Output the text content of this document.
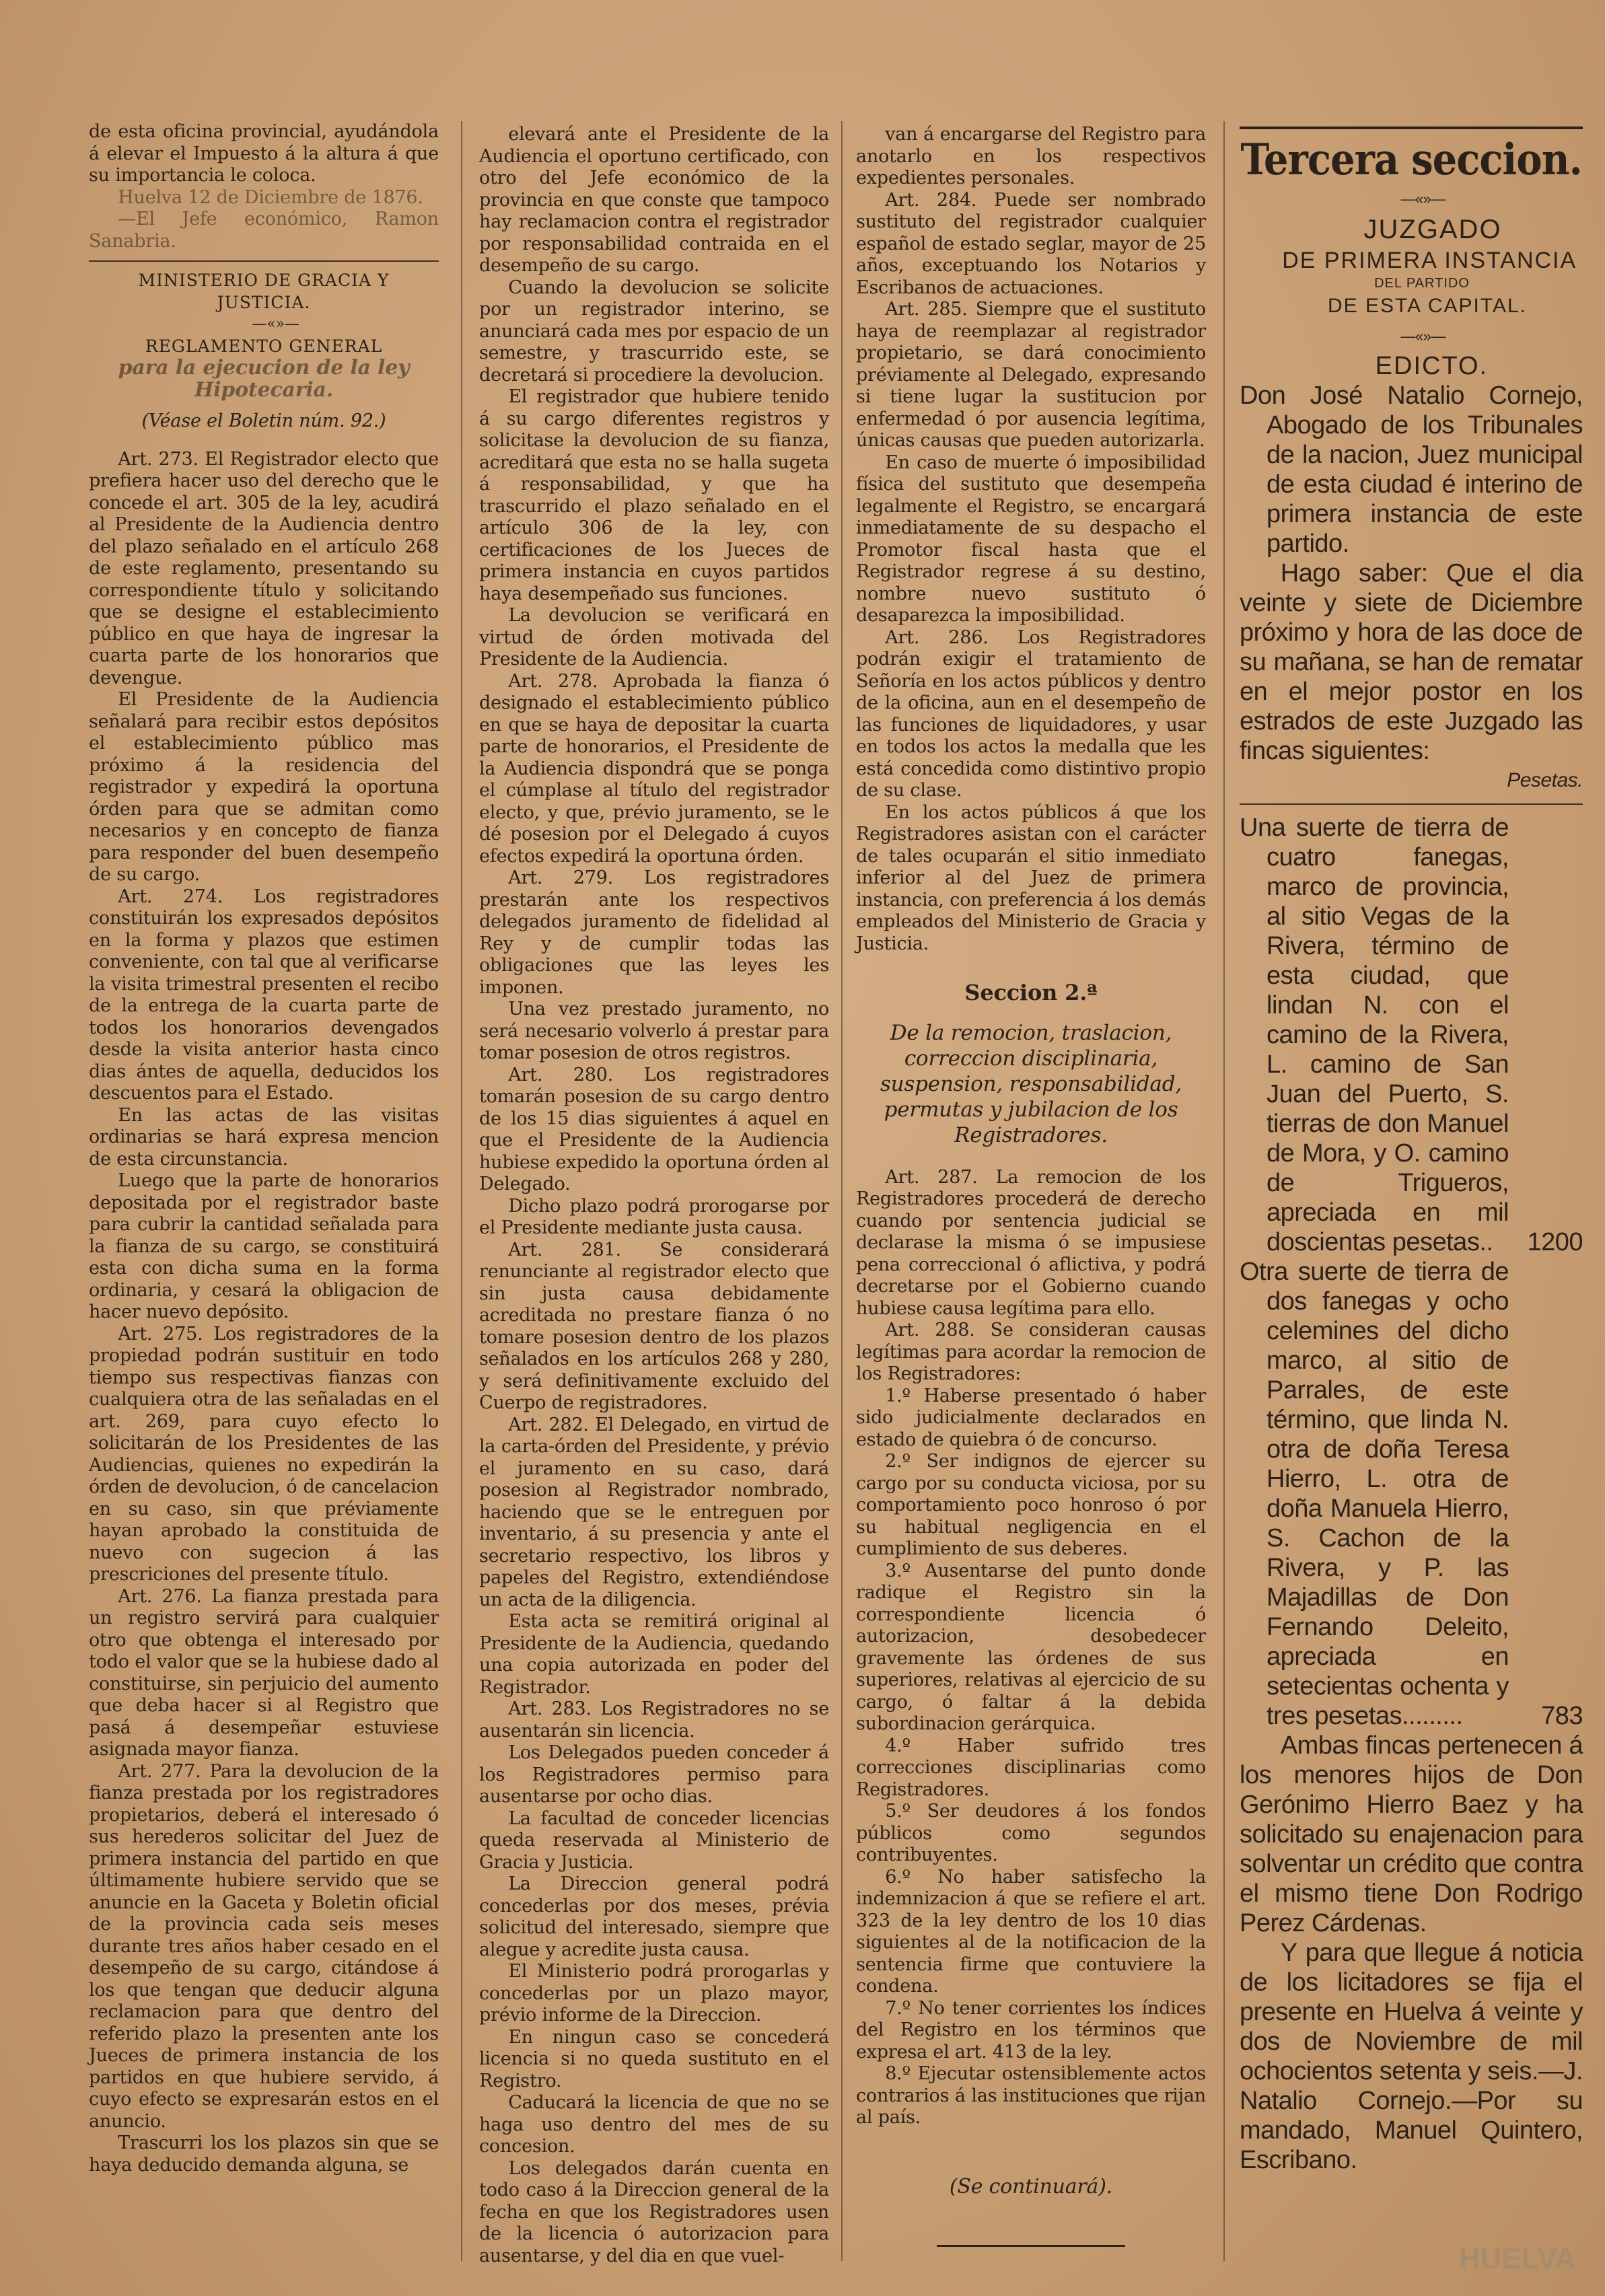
de esta oficina provincial, ayudándola á elevar el Impuesto á la altura á que su importancia le coloca.

Huelva 12 de Diciembre de 1876.

—El Jefe económico, Ramon Sanabria.

MINISTERIO DE GRACIA Y JUSTICIA.

—«»—

REGLAMENTO GENERAL

para la ejecucion de la ley Hipotecaria.

(Véase el Boletin núm. 92.)

Art. 273. El Registrador electo que prefiera hacer uso del derecho que le concede el art. 305 de la ley, acudirá al Presidente de la Audiencia dentro del plazo señalado en el artículo 268 de este reglamento, presentando su correspondiente título y solicitando que se designe el establecimiento público en que haya de ingresar la cuarta parte de los honorarios que devengue.

El Presidente de la Audiencia señalará para recibir estos depósitos el establecimiento público mas próximo á la residencia del registrador y expedirá la oportuna órden para que se admitan como necesarios y en concepto de fianza para responder del buen desempeño de su cargo.

Art. 274. Los registradores constituirán los expresados depósitos en la forma y plazos que estimen conveniente, con tal que al verificarse la visita trimestral presenten el recibo de la entrega de la cuarta parte de todos los honorarios devengados desde la visita anterior hasta cinco dias ántes de aquella, deducidos los descuentos para el Estado.

En las actas de las visitas ordinarias se hará expresa mencion de esta circunstancia.

Luego que la parte de honorarios depositada por el registrador baste para cubrir la cantidad señalada para la fianza de su cargo, se constituirá esta con dicha suma en la forma ordinaria, y cesará la obligacion de hacer nuevo depósito.

Art. 275. Los registradores de la propiedad podrán sustituir en todo tiempo sus respectivas fianzas con cualquiera otra de las señaladas en el art. 269, para cuyo efecto lo solicitarán de los Presidentes de las Audiencias, quienes no expedirán la órden de devolucion, ó de cancelacion en su caso, sin que préviamente hayan aprobado la constituida de nuevo con sugecion á las prescriciones del presente título.

Art. 276. La fianza prestada para un registro servirá para cualquier otro que obtenga el interesado por todo el valor que se la hubiese dado al constituirse, sin perjuicio del aumento que deba hacer si al Registro que pasá á desempeñar estuviese asignada mayor fianza.

Art. 277. Para la devolucion de la fianza prestada por los registradores propietarios, deberá el interesado ó sus herederos solicitar del Juez de primera instancia del partido en que últimamente hubiere servido que se anuncie en la Gaceta y Boletin oficial de la provincia cada seis meses durante tres años haber cesado en el desempeño de su cargo, citándose á los que tengan que deducir alguna reclamacion para que dentro del referido plazo la presenten ante los Jueces de primera instancia de los partidos en que hubiere servido, á cuyo efecto se expresarán estos en el anuncio.

Trascurri los los plazos sin que se haya deducido demanda alguna, se

elevará ante el Presidente de la Audiencia el oportuno certificado, con otro del Jefe económico de la provincia en que conste que tampoco hay reclamacion contra el registrador por responsabilidad contraida en el desempeño de su cargo.

Cuando la devolucion se solicite por un registrador interino, se anunciará cada mes por espacio de un semestre, y trascurrido este, se decretará si procediere la devolucion.

El registrador que hubiere tenido á su cargo diferentes registros y solicitase la devolucion de su fianza, acreditará que esta no se halla sugeta á responsabilidad, y que ha trascurrido el plazo señalado en el artículo 306 de la ley, con certificaciones de los Jueces de primera instancia en cuyos partidos haya desempeñado sus funciones.

La devolucion se verificará en virtud de órden motivada del Presidente de la Audiencia.

Art. 278. Aprobada la fianza ó designado el establecimiento público en que se haya de depositar la cuarta parte de honorarios, el Presidente de la Audiencia dispondrá que se ponga el cúmplase al título del registrador electo, y que, prévio juramento, se le dé posesion por el Delegado á cuyos efectos expedirá la oportuna órden.

Art. 279. Los registradores prestarán ante los respectivos delegados juramento de fidelidad al Rey y de cumplir todas las obligaciones que las leyes les imponen.

Una vez prestado juramento, no será necesario volverlo á prestar para tomar posesion de otros registros.

Art. 280. Los registradores tomarán posesion de su cargo dentro de los 15 dias siguientes á aquel en que el Presidente de la Audiencia hubiese expedido la oportuna órden al Delegado.

Dicho plazo podrá prorogarse por el Presidente mediante justa causa.

Art. 281. Se considerará renunciante al registrador electo que sin justa causa debidamente acreditada no prestare fianza ó no tomare posesion dentro de los plazos señalados en los artículos 268 y 280, y será definitivamente excluido del Cuerpo de registradores.

Art. 282. El Delegado, en virtud de la carta-órden del Presidente, y prévio el juramento en su caso, dará posesion al Registrador nombrado, haciendo que se le entreguen por inventario, á su presencia y ante el secretario respectivo, los libros y papeles del Registro, extendiéndose un acta de la diligencia.

Esta acta se remitirá original al Presidente de la Audiencia, quedando una copia autorizada en poder del Registrador.

Art. 283. Los Registradores no se ausentarán sin licencia.

Los Delegados pueden conceder á los Registradores permiso para ausentarse por ocho dias.

La facultad de conceder licencias queda reservada al Ministerio de Gracia y Justicia.

La Direccion general podrá concederlas por dos meses, prévia solicitud del interesado, siempre que alegue y acredite justa causa.

El Ministerio podrá prorogarlas y concederlas por un plazo mayor, prévio informe de la Direccion.

En ningun caso se concederá licencia si no queda sustituto en el Registro.

Caducará la licencia de que no se haga uso dentro del mes de su concesion.

Los delegados darán cuenta en todo caso á la Direccion general de la fecha en que los Registradores usen de la licencia ó autorizacion para ausentarse, y del dia en que vuel-

van á encargarse del Registro para anotarlo en los respectivos expedientes personales.

Art. 284. Puede ser nombrado sustituto del registrador cualquier español de estado seglar, mayor de 25 años, exceptuando los Notarios y Escribanos de actuaciones.

Art. 285. Siempre que el sustituto haya de reemplazar al registrador propietario, se dará conocimiento préviamente al Delegado, expresando si tiene lugar la sustitucion por enfermedad ó por ausencia legítima, únicas causas que pueden autorizarla.

En caso de muerte ó imposibilidad física del sustituto que desempeña legalmente el Registro, se encargará inmediatamente de su despacho el Promotor fiscal hasta que el Registrador regrese á su destino, nombre nuevo sustituto ó desaparezca la imposibilidad.

Art. 286. Los Registradores podrán exigir el tratamiento de Señoría en los actos públicos y dentro de la oficina, aun en el desempeño de las funciones de liquidadores, y usar en todos los actos la medalla que les está concedida como distintivo propio de su clase.

En los actos públicos á que los Registradores asistan con el carácter de tales ocuparán el sitio inmediato inferior al del Juez de primera instancia, con preferencia á los demás empleados del Ministerio de Gracia y Justicia.

Seccion 2.ª

De la remocion, traslacion, correccion disciplinaria, suspension, responsabilidad, permutas y jubilacion de los Registradores.

Art. 287. La remocion de los Registradores procederá de derecho cuando por sentencia judicial se declarase la misma ó se impusiese pena correccional ó aflictiva, y podrá decretarse por el Gobierno cuando hubiese causa legítima para ello.

Art. 288. Se consideran causas legítimas para acordar la remocion de los Registradores:

1.º Haberse presentado ó haber sido judicialmente declarados en estado de quiebra ó de concurso.

2.º Ser indignos de ejercer su cargo por su conducta viciosa, por su comportamiento poco honroso ó por su habitual negligencia en el cumplimiento de sus deberes.

3.º Ausentarse del punto donde radique el Registro sin la correspondiente licencia ó autorizacion, desobedecer gravemente las órdenes de sus superiores, relativas al ejercicio de su cargo, ó faltar á la debida subordinacion gerárquica.

4.º Haber sufrido tres correcciones disciplinarias como Registradores.

5.º Ser deudores á los fondos públicos como segundos contribuyentes.

6.º No haber satisfecho la indemnizacion á que se refiere el art. 323 de la ley dentro de los 10 dias siguientes al de la notificacion de la sentencia firme que contuviere la condena.

7.º No tener corrientes los índices del Registro en los términos que expresa el art. 413 de la ley.

8.º Ejecutar ostensiblemente actos contrarios á las instituciones que rijan al país.

(Se continuará).

Tercera seccion.

—«»—

JUZGADO

DE PRIMERA INSTANCIA

DEL PARTIDO

DE ESTA CAPITAL.

—«»—

EDICTO.

Don José Natalio Cornejo, Abogado de los Tribunales de la nacion, Juez municipal de esta ciudad é interino de primera instancia de este partido.

Hago saber: Que el dia veinte y siete de Diciembre próximo y hora de las doce de su mañana, se han de rematar en el mejor postor en los estrados de este Juzgado las fincas siguientes:

Pesetas.

Una suerte de tierra de cuatro fanegas, marco de provincia, al sitio Vegas de la Rivera, término de esta ciudad, que lindan N. con el camino de la Rivera, L. camino de San Juan del Puerto, S. tierras de don Manuel de Mora, y O. camino de Trigueros, apreciada en mil doscientas pesetas..	1200

Otra suerte de tierra de dos fanegas y ocho celemines del dicho marco, al sitio de Parrales, de este término, que linda N. otra de doña Teresa Hierro, L. otra de doña Manuela Hierro, S. Cachon de la Rivera, y P. las Majadillas de Don Fernando Deleito, apreciada en setecientas ochenta y tres pesetas.........	783

Ambas fincas pertenecen á los menores hijos de Don Gerónimo Hierro Baez y ha solicitado su enajenacion para solventar un crédito que contra el mismo tiene Don Rodrigo Perez Cárdenas.

Y para que llegue á noticia de los licitadores se fija el presente en Huelva á veinte y dos de Noviembre de mil ochocientos setenta y seis.—J. Natalio Cornejo.—Por su mandado, Manuel Quintero, Escribano.

HUELVA
